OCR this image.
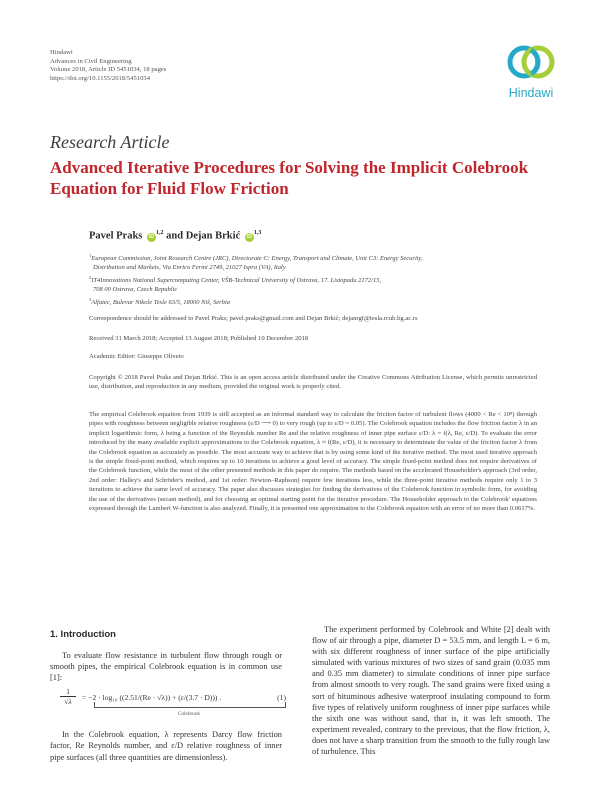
Hindawi
Advances in Civil Engineering
Volume 2018, Article ID 5451034, 18 pages
https://doi.org/10.1155/2018/5451034
Hindawi
Research Article
Advanced Iterative Procedures for Solving the Implicit Colebrook Equation for Fluid Flow Friction
Pavel Praks iD$^{1,2}$ and Dejan Brkić iD$^{1,3}$
$^1$European Commission, Joint Research Centre (JRC), Directorate C: Energy, Transport and Climate, Unit C3: Energy Security,
Distribution and Markets, Via Enrico Fermi 2749, 21027 Ispra (VA), Italy
$^2$IT4Innovations National Supercomputing Center, VŠB-Technical University of Ostrava, 17. Listopadu 2172/15,
708 00 Ostrava, Czech Republic
$^3$Alfatec, Bulevar Nikole Tesle 63/5, 18000 Niš, Serbia
Correspondence should be addressed to Pavel Praks; pavel.praks@gmail.com and Dejan Brkić; dejanrgf@tesla.rcub.bg.ac.rs
Received 31 March 2018; Accepted 13 August 2018; Published 10 December 2018
Academic Editor: Giuseppe Oliveto
Copyright © 2018 Pavel Praks and Dejan Brkić. This is an open access article distributed under the Creative Commons Attribution License, which permits unrestricted use, distribution, and reproduction in any medium, provided the original work is properly cited.
The empirical Colebrook equation from 1939 is still accepted as an informal standard way to calculate the friction factor of turbulent flows (4000 < Re < 10⁸) through pipes with roughness between negligible relative roughness (ε/D ⟶ 0) to very rough (up to ε/D = 0.05). The Colebrook equation includes the flow friction factor λ in an implicit logarithmic form, λ being a function of the Reynolds number Re and the relative roughness of inner pipe surface ε/D: λ = f(λ, Re, ε/D). To evaluate the error introduced by the many available explicit approximations to the Colebrook equation, λ ≈ f(Re, ε/D), it is necessary to determinate the value of the friction factor λ from the Colebrook equation as accurately as possible. The most accurate way to achieve that is by using some kind of the iterative method. The most used iterative approach is the simple fixed-point method, which requires up to 10 iterations to achieve a good level of accuracy. The simple fixed-point method does not require derivatives of the Colebrook function, while the most of the other presented methods in this paper do require. The methods based on the accelerated Householder's approach (3rd order, 2nd order: Halley's and Schröder's method, and 1st order: Newton–Raphson) require few iterations less, while the three-point iterative methods require only 1 to 3 iterations to achieve the same level of accuracy. The paper also discusses strategies for finding the derivatives of the Colebrook function in symbolic form, for avoiding the use of the derivatives (secant method), and for choosing an optimal starting point for the iterative procedure. The Householder approach to the Colebrook' equations expressed through the Lambert W-function is also analyzed. Finally, it is presented one approximation to the Colebrook equation with an error of no more than 0.0617%.
1. Introduction

To evaluate flow resistance in turbulent flow through rough or smooth pipes, the empirical Colebrook equation is in common use [1]:

$\frac{1}{√\lambda} = -2 \cdot \log_{10}$ ((2.51/(Re · √λ)) + (ε/(3.7 · D))) .
Colebrook
(1)

In the Colebrook equation, λ represents Darcy flow friction factor, Re Reynolds number, and ε/D relative roughness of inner pipe surfaces (all three quantities are dimensionless).

The experiment performed by Colebrook and White [2] dealt with flow of air through a pipe, diameter D = 53.5 mm, and length L = 6 m, with six different roughness of inner surface of the pipe artificially simulated with various mixtures of two sizes of sand grain (0.035 mm and 0.35 mm diameter) to simulate conditions of inner pipe surface from almost smooth to very rough. The sand grains were fixed using a sort of bituminous adhesive waterproof insulating compound to form five types of relatively uniform roughness of inner pipe surfaces while the sixth one was without sand, that is, it was left smooth. The experiment revealed, contrary to the previous, that the flow friction, λ, does not have a sharp transition from the smooth to the fully rough law of turbulence. This
